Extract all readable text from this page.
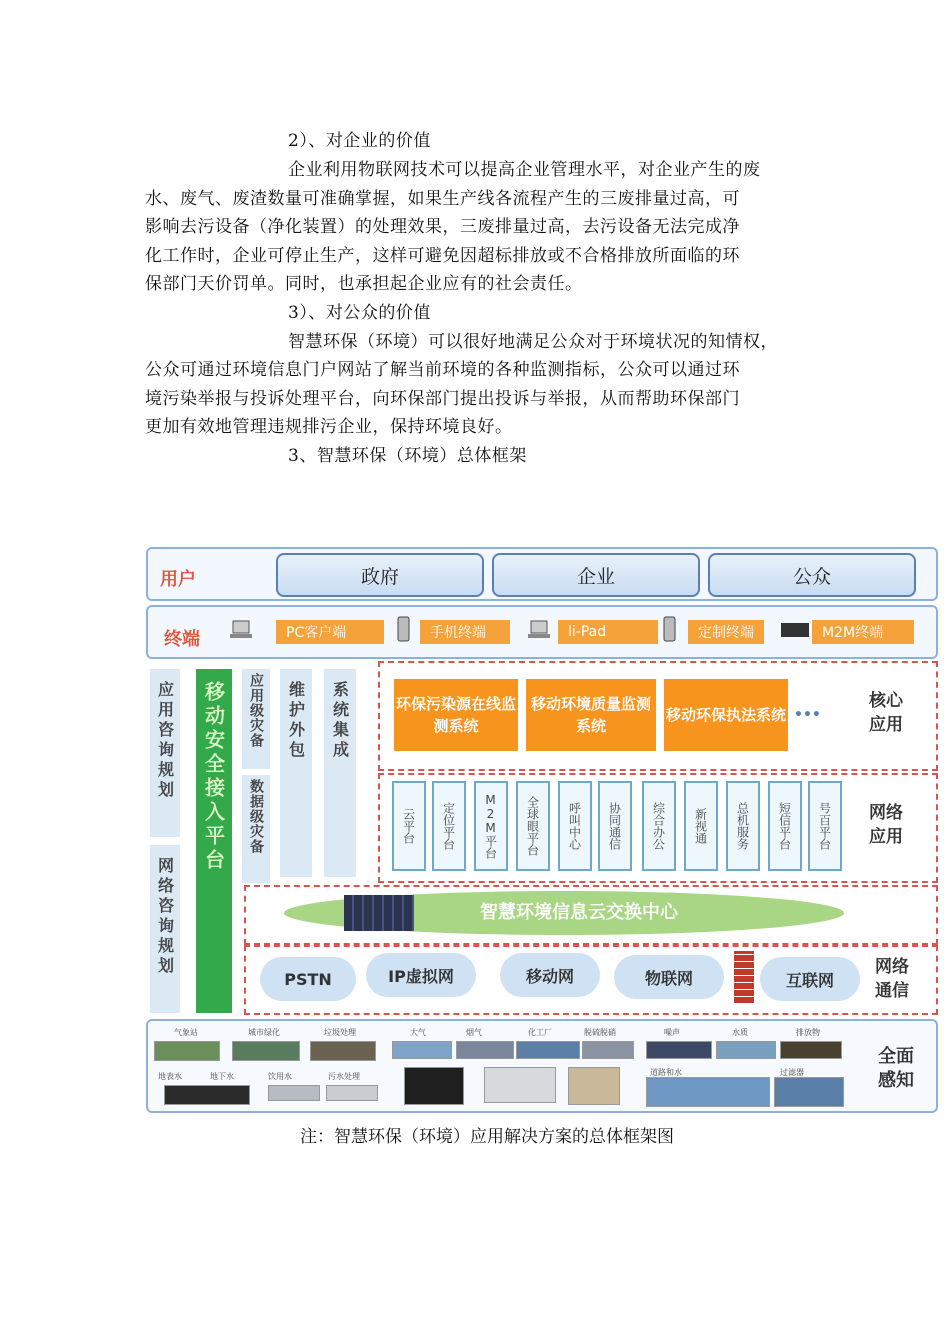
2）、对企业的价值
企业利用物联网技术可以提高企业管理水平，对企业产生的废
水、废气、废渣数量可准确掌握，如果生产线各流程产生的三废排量过高，可
影响去污设备（净化装置）的处理效果，三废排量过高，去污设备无法完成净
化工作时，企业可停止生产，这样可避免因超标排放或不合格排放所面临的环
保部门天价罚单。同时，也承担起企业应有的社会责任。
3）、对公众的价值
智慧环保（环境）可以很好地满足公众对于环境状况的知情权，
公众可通过环境信息门户网站了解当前环境的各种监测指标，公众可以通过环
境污染举报与投诉处理平台，向环保部门提出投诉与举报，从而帮助环保部门
更加有效地管理违规排污企业，保持环境良好。
3、智慧环保（环境）总体框架
用户	政府	企业	公众
终端	PC客户端	手机终端	li-Pad	定制终端	M2M终端
应用咨询规划
网络咨询规划
移动安全接入平台	应用级灾备
数据级灾备
维护外包	系统集成	环保污染源在线监测系统
移动环境质量监测系统
移动环保执法系统 •••
核心应用
云平台	定位平台	M2M平台	全球眼平台	呼叫中心	协同通信	综合办公	新视通	总机服务	短信平台	号百平台	网络应用
智慧环境信息云交换中心
PSTN	IP虚拟网	移动网	物联网	互联网
网络通信
气象站	城市绿化	垃圾处理	大气	烟气	化工厂	脱硫脱硝	噪声	水质	排放物
地表水	地下水	饮用水	污水处理	道路和水	过滤器
全面感知
注：智慧环保（环境）应用解决方案的总体框架图
